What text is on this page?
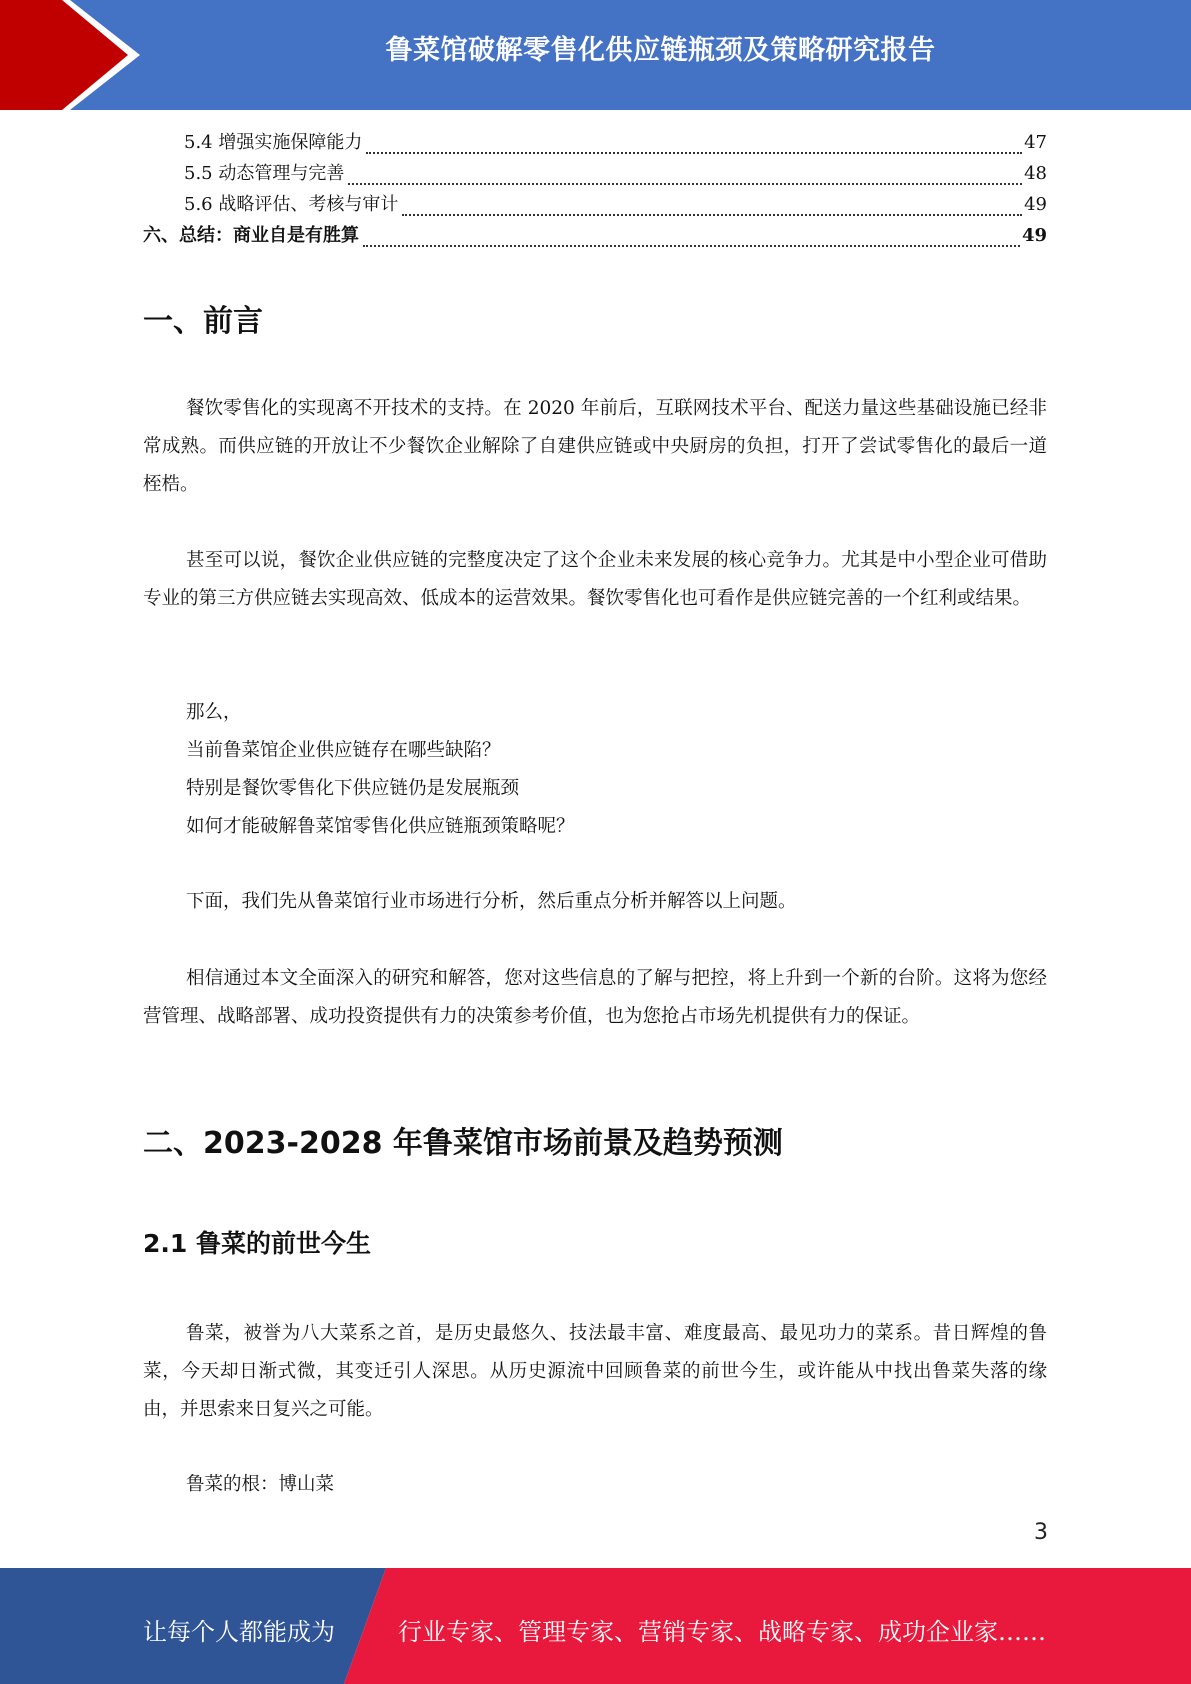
鲁菜馆破解零售化供应链瓶颈及策略研究报告
5.4 增强实施保障能力	47
5.5 动态管理与完善	48
5.6 战略评估、考核与审计	49
六、总结：商业自是有胜算	49
一、前言
餐饮零售化的实现离不开技术的支持。在 2020 年前后，互联网技术平台、配送力量这些基础设施已经非常成熟。而供应链的开放让不少餐饮企业解除了自建供应链或中央厨房的负担，打开了尝试零售化的最后一道桎梏。
甚至可以说，餐饮企业供应链的完整度决定了这个企业未来发展的核心竞争力。尤其是中小型企业可借助专业的第三方供应链去实现高效、低成本的运营效果。餐饮零售化也可看作是供应链完善的一个红利或结果。
那么，
当前鲁菜馆企业供应链存在哪些缺陷？
特别是餐饮零售化下供应链仍是发展瓶颈
如何才能破解鲁菜馆零售化供应链瓶颈策略呢？
下面，我们先从鲁菜馆行业市场进行分析，然后重点分析并解答以上问题。
相信通过本文全面深入的研究和解答，您对这些信息的了解与把控，将上升到一个新的台阶。这将为您经营管理、战略部署、成功投资提供有力的决策参考价值，也为您抢占市场先机提供有力的保证。
二、2023-2028 年鲁菜馆市场前景及趋势预测
2.1 鲁菜的前世今生
鲁菜，被誉为八大菜系之首，是历史最悠久、技法最丰富、难度最高、最见功力的菜系。昔日辉煌的鲁菜，今天却日渐式微，其变迁引人深思。从历史源流中回顾鲁菜的前世今生，或许能从中找出鲁菜失落的缘由，并思索来日复兴之可能。
鲁菜的根：博山菜
3
让每个人都能成为	行业专家、管理专家、营销专家、战略专家、成功企业家……
